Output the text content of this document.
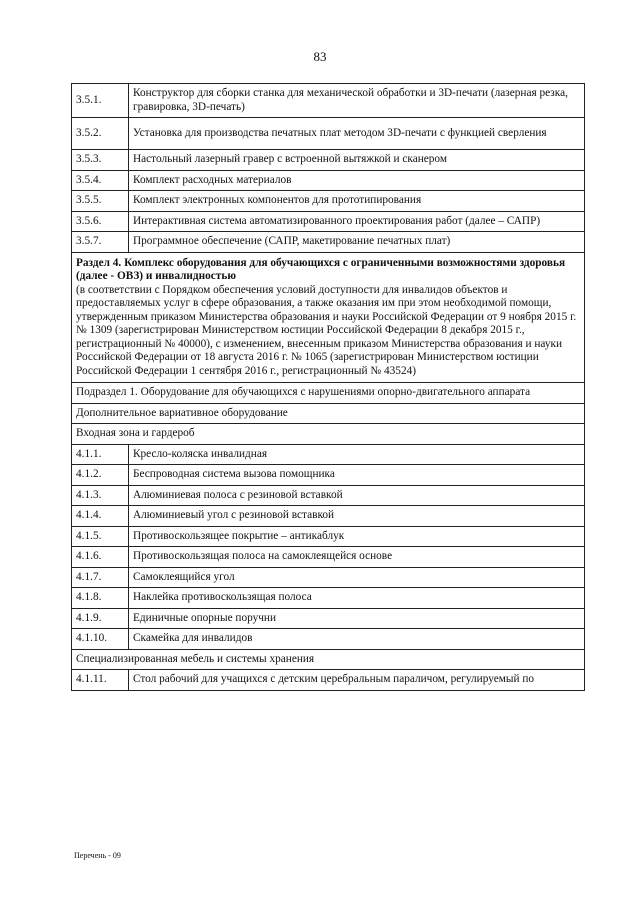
83
3.5.1.	Конструктор для сборки станка для механической обработки и 3D-печати (лазерная резка, гравировка, 3D-печать)
3.5.2.	Установка для производства печатных плат методом 3D-печати с функцией сверления
3.5.3.	Настольный лазерный гравер с встроенной вытяжкой и сканером
3.5.4.	Комплект расходных материалов
3.5.5.	Комплект электронных компонентов для прототипирования
3.5.6.	Интерактивная система автоматизированного проектирования работ (далее – САПР)
3.5.7.	Программное обеспечение (САПР, макетирование печатных плат)

Раздел 4. Комплекс оборудования для обучающихся с ограниченными возможностями здоровья (далее - ОВЗ) и инвалидностью
(в соответствии с Порядком обеспечения условий доступности для инвалидов объектов и предоставляемых услуг в сфере образования, а также оказания им при этом необходимой помощи, утвержденным приказом Министерства образования и науки Российской Федерации от 9 ноября 2015 г. № 1309 (зарегистрирован Министерством юстиции Российской Федерации 8 декабря 2015 г., регистрационный № 40000), с изменением, внесенным приказом Министерства образования и науки Российской Федерации от 18 августа 2016 г. № 1065 (зарегистрирован Министерством юстиции Российской Федерации 1 сентября 2016 г., регистрационный № 43524)	
Подраздел 1. Оборудование для обучающихся с нарушениями опорно-двигательного аппарата	
Дополнительное вариативное оборудование	
Входная зона и гардероб	
4.1.1.	Кресло-коляска инвалидная
4.1.2.	Беспроводная система вызова помощника
4.1.3.	Алюминиевая полоса с резиновой вставкой
4.1.4.	Алюминиевый угол с резиновой вставкой
4.1.5.	Противоскользящее покрытие – антикаблук
4.1.6.	Противоскользящая полоса на самоклеящейся основе
4.1.7.	Самоклеящийся угол
4.1.8.	Наклейка противоскользящая полоса
4.1.9.	Единичные опорные поручни
4.1.10.	Скамейка для инвалидов
Специализированная мебель и системы хранения	
4.1.11.	Стол рабочий для учащихся с детским церебральным параличом, регулируемый по
Перечень - 09
